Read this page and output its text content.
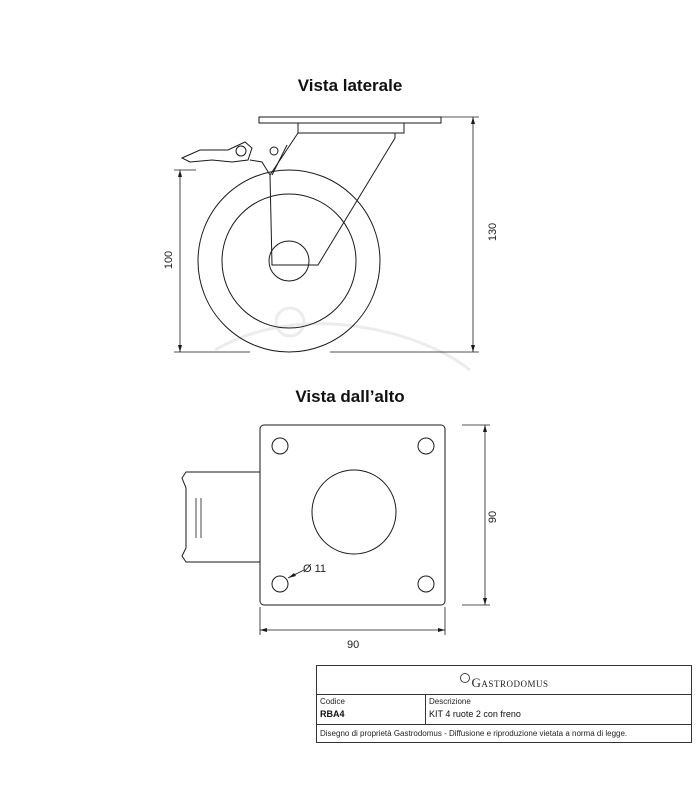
Vista laterale
Vista dall’alto
100
130
90
90
Ø 11
Gastrodomus
Codice
RBA4
Descrizione
KIT 4 ruote 2 con freno
Disegno di proprietà Gastrodomus - Diffusione e riproduzione vietata a norma di legge.
